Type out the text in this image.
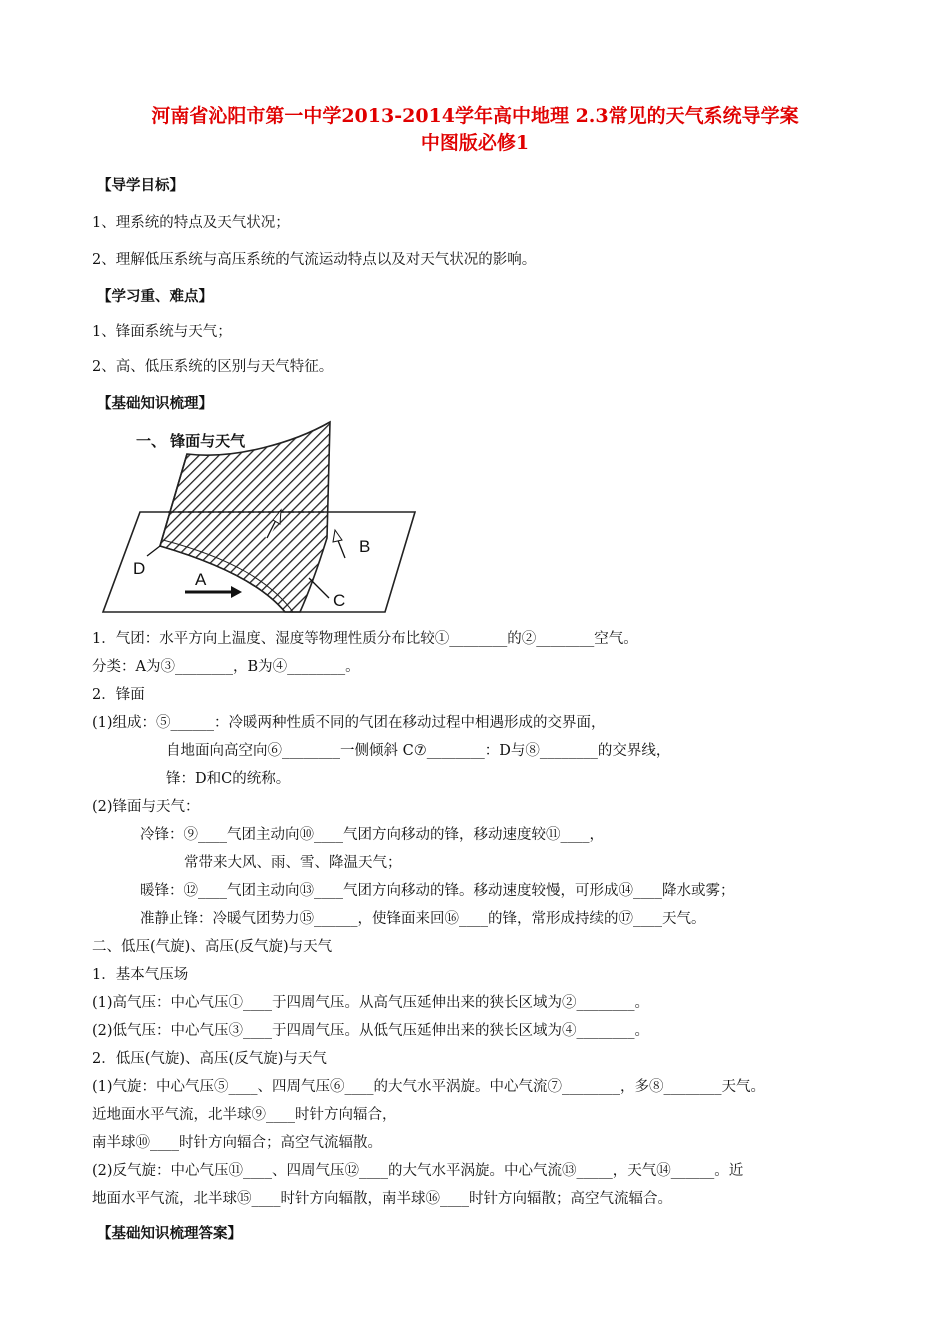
河南省沁阳市第一中学2013-2014学年高中地理 2.3常见的天气系统导学案
中图版必修1
【导学目标】
1、理系统的特点及天气状况；
2、理解低压系统与高压系统的气流运动特点以及对天气状况的影响。
【学习重、难点】
1、锋面系统与天气；
2、高、低压系统的区别与天气特征。
【基础知识梳理】
A
B
C
D
一、 锋面与天气
1．气团：水平方向上温度、湿度等物理性质分布比较①________的②________空气。
分类：A为③________，B为④________。
2．锋面
(1)组成：⑤______：冷暖两种性质不同的气团在移动过程中相遇形成的交界面，
自地面向高空向⑥________一侧倾斜 C⑦________：D与⑧________的交界线，
锋：D和C的统称。
(2)锋面与天气：
冷锋：⑨____气团主动向⑩____气团方向移动的锋，移动速度较⑪____，
常带来大风、雨、雪、降温天气；
暖锋：⑫____气团主动向⑬____气团方向移动的锋。移动速度较慢，可形成⑭____降水或雾；
准静止锋：冷暖气团势力⑮______，使锋面来回⑯____的锋，常形成持续的⑰____天气。
二、低压(气旋)、高压(反气旋)与天气
1．基本气压场
(1)高气压：中心气压①____于四周气压。从高气压延伸出来的狭长区域为②________。
(2)低气压：中心气压③____于四周气压。从低气压延伸出来的狭长区域为④________。
2．低压(气旋)、高压(反气旋)与天气
(1)气旋：中心气压⑤____、四周气压⑥____的大气水平涡旋。中心气流⑦________，多⑧________天气。
近地面水平气流，北半球⑨____时针方向辐合，
南半球⑩____时针方向辐合；高空气流辐散。
(2)反气旋：中心气压⑪____、四周气压⑫____的大气水平涡旋。中心气流⑬_____，天气⑭______。近
地面水平气流，北半球⑮____时针方向辐散，南半球⑯____时针方向辐散；高空气流辐合。
【基础知识梳理答案】
